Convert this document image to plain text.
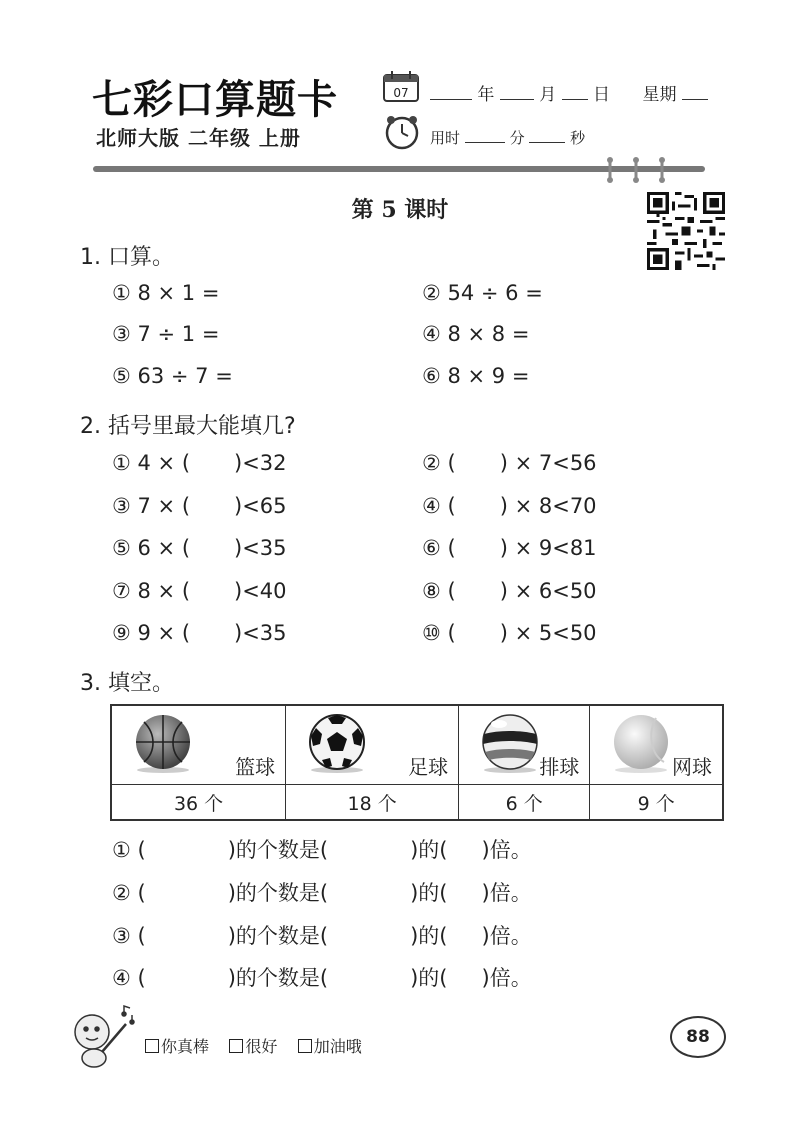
七彩口算题卡
北师大版 二年级 上册
07	年	月 日 星期
用时	分	秒
第 5 课时
1. 口算。
① 8 × 1 =	② 54 ÷ 6 =
③ 7 ÷ 1 =	④ 8 × 8 =
⑤ 63 ÷ 7 =	⑥ 8 × 9 =
2. 括号里最大能填几?
① 4 × ( )<32	② ( ) × 7<56
③ 7 × ( )<65	④ ( ) × 8<70
⑤ 6 × ( )<35	⑥ ( ) × 9<81
⑦ 8 × ( )<40	⑧ ( ) × 6<50
⑨ 9 × ( )<35	⑩ ( ) × 5<50
3. 填空。
篮球	足球	排球	网球

36 个	18 个	6 个	9 个
① (	)的个数是(	)的( )倍。
② (	)的个数是(	)的( )倍。
③ (	)的个数是(	)的( )倍。
④ (	)的个数是(	)的( )倍。
你真棒 很好 加油哦	88
